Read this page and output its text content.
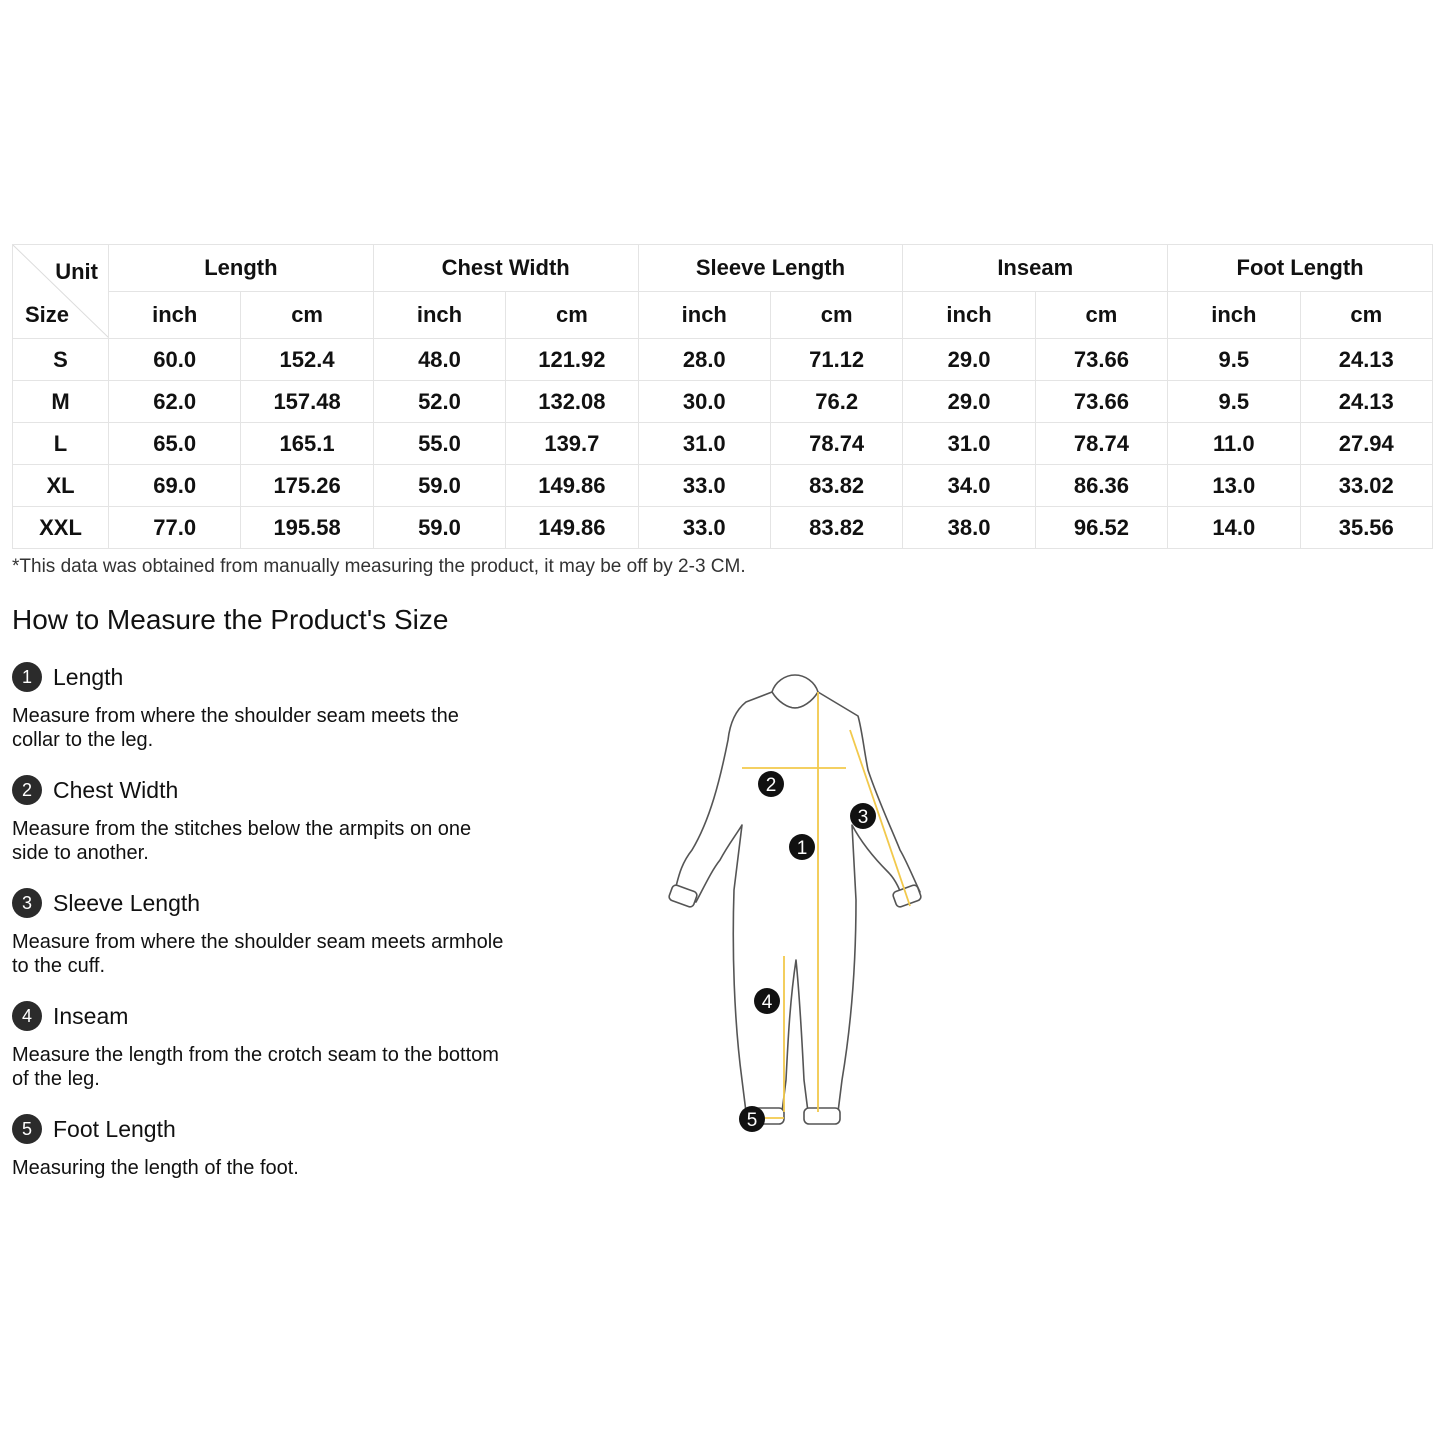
Unit
Size	Length		Chest Width		Sleeve Length		Inseam		Foot Length	
	inch	cm	inch	cm	inch	cm	inch	cm	inch	cm
S	60.0	152.4	48.0	121.92	28.0	71.12	29.0	73.66	9.5	24.13
M	62.0	157.48	52.0	132.08	30.0	76.2	29.0	73.66	9.5	24.13
L	65.0	165.1	55.0	139.7	31.0	78.74	31.0	78.74	11.0	27.94
XL	69.0	175.26	59.0	149.86	33.0	83.82	34.0	86.36	13.0	33.02
XXL	77.0	195.58	59.0	149.86	33.0	83.82	38.0	96.52	14.0	35.56
*This data was obtained from manually measuring the product, it may be off by 2-3 CM.
How to Measure the Product's Size
1 Length
Measure from where the shoulder seam meets the collar to the leg.
2 Chest Width
Measure from the stitches below the armpits on one side to another.
3 Sleeve Length
Measure from where the shoulder seam meets armhole to the cuff.
4 Inseam
Measure the length from the crotch seam to the bottom of the leg.
5 Foot Length
Measuring the length of the foot.
1
2
3
4
5
